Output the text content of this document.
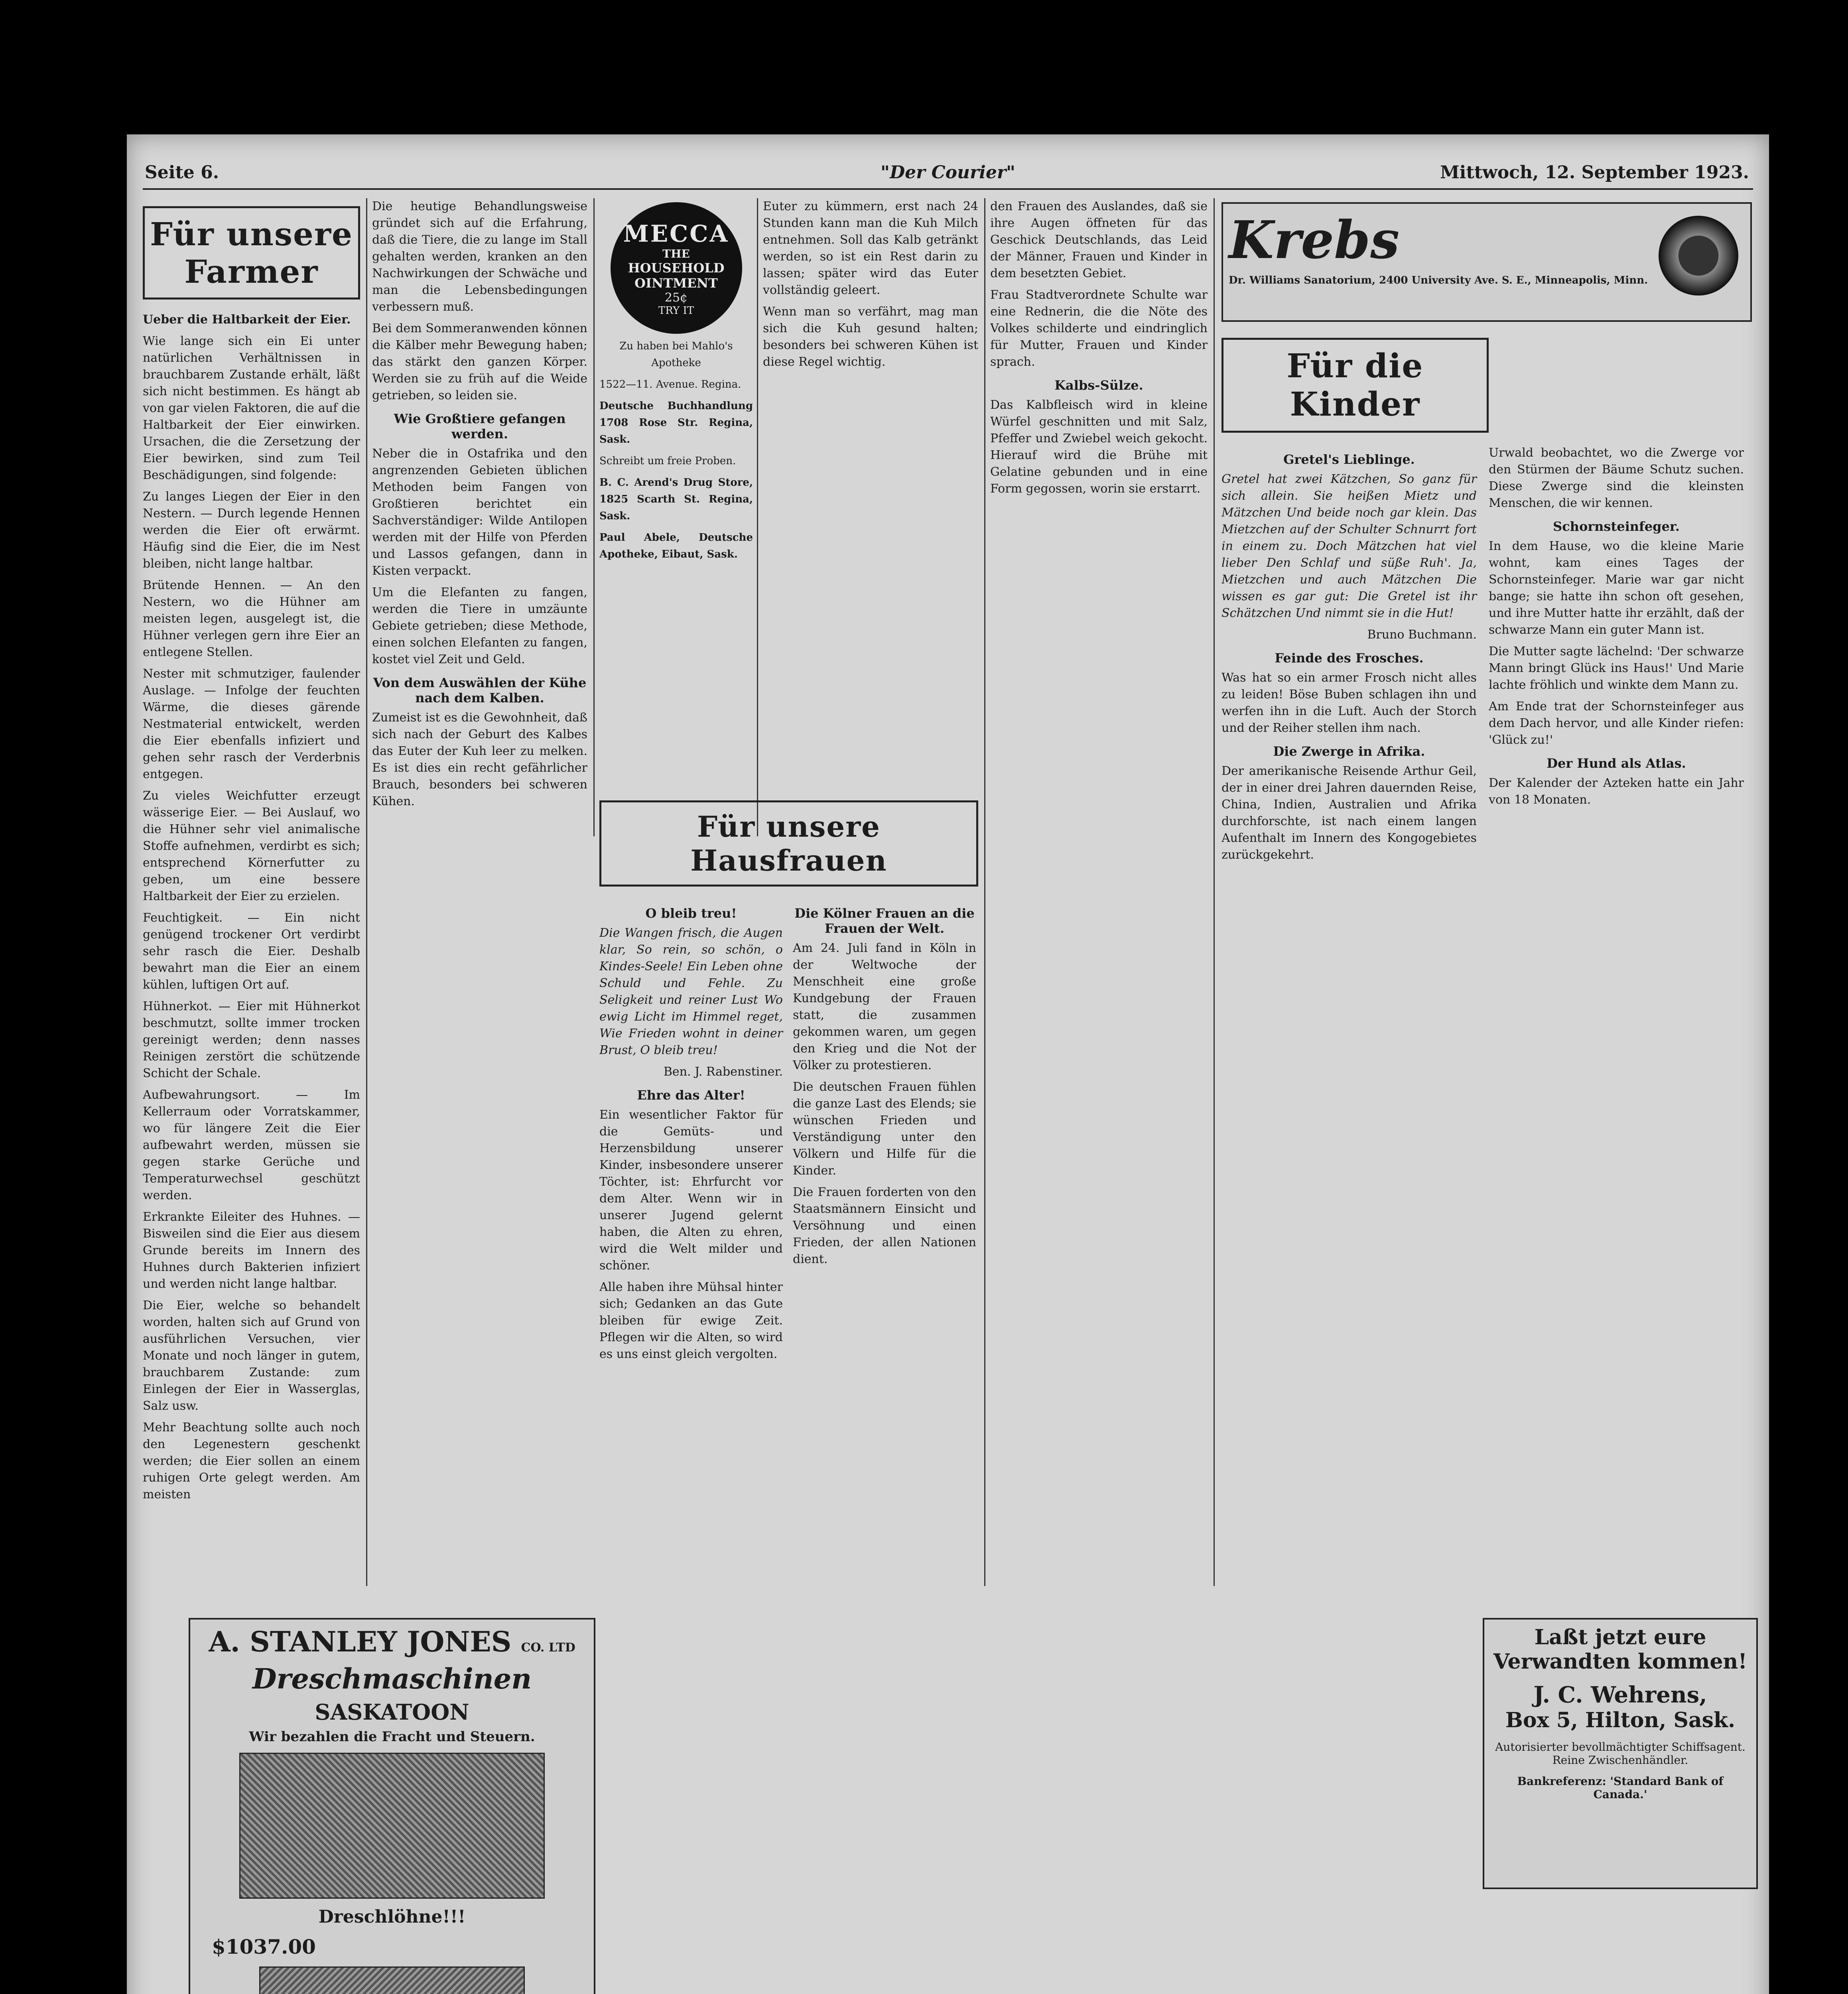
Seite 6.	"Der Courier"	Mittwoch, 12. September 1923.
Für unsere Farmer

Ueber die Haltbarkeit der Eier.

Wie lange sich ein Ei unter natürlichen Verhältnissen in brauchbarem Zustande erhält, läßt sich nicht bestimmen. Es hängt ab von gar vielen Faktoren, die auf die Haltbarkeit der Eier einwirken. Ursachen, die die Zersetzung der Eier bewirken, sind zum Teil Beschädigungen, sind folgende:

Zu langes Liegen der Eier in den Nestern. — Durch legende Hennen werden die Eier oft erwärmt. Häufig sind die Eier, die im Nest bleiben, nicht lange haltbar.

Brütende Hennen. — An den Nestern, wo die Hühner am meisten legen, ausgelegt ist, die Hühner verlegen gern ihre Eier an entlegene Stellen.

Nester mit schmutziger, faulender Auslage. — Infolge der feuchten Wärme, die dieses gärende Nestmaterial entwickelt, werden die Eier ebenfalls infiziert und gehen sehr rasch der Verderbnis entgegen.

Zu vieles Weichfutter erzeugt wässerige Eier. — Bei Auslauf, wo die Hühner sehr viel animalische Stoffe aufnehmen, verdirbt es sich; entsprechend Körnerfutter zu geben, um eine bessere Haltbarkeit der Eier zu erzielen.

Feuchtigkeit. — Ein nicht genügend trockener Ort verdirbt sehr rasch die Eier. Deshalb bewahrt man die Eier an einem kühlen, luftigen Ort auf.

Hühnerkot. — Eier mit Hühnerkot beschmutzt, sollte immer trocken gereinigt werden; denn nasses Reinigen zerstört die schützende Schicht der Schale.

Aufbewahrungsort. — Im Kellerraum oder Vorratskammer, wo für längere Zeit die Eier aufbewahrt werden, müssen sie gegen starke Gerüche und Temperaturwechsel geschützt werden.

Erkrankte Eileiter des Huhnes. — Bisweilen sind die Eier aus diesem Grunde bereits im Innern des Huhnes durch Bakterien infiziert und werden nicht lange haltbar.

Die Eier, welche so behandelt worden, halten sich auf Grund von ausführlichen Versuchen, vier Monate und noch länger in gutem, brauchbarem Zustande: zum Einlegen der Eier in Wasserglas, Salz usw.

Mehr Beachtung sollte auch noch den Legenestern geschenkt werden; die Eier sollen an einem ruhigen Orte gelegt werden. Am meisten

Die heutige Behandlungsweise gründet sich auf die Erfahrung, daß die Tiere, die zu lange im Stall gehalten werden, kranken an den Nachwirkungen der Schwäche und man die Lebensbedingungen verbessern muß.

Bei dem Sommeranwenden können die Kälber mehr Bewegung haben; das stärkt den ganzen Körper. Werden sie zu früh auf die Weide getrieben, so leiden sie.

Wie Großtiere gefangen werden.

Neber die in Ostafrika und den angrenzenden Gebieten üblichen Methoden beim Fangen von Großtieren berichtet ein Sachverständiger: Wilde Antilopen werden mit der Hilfe von Pferden und Lassos gefangen, dann in Kisten verpackt.

Um die Elefanten zu fangen, werden die Tiere in umzäunte Gebiete getrieben; diese Methode, einen solchen Elefanten zu fangen, kostet viel Zeit und Geld.

Von dem Auswählen der Kühe nach dem Kalben.

Zumeist ist es die Gewohnheit, daß sich nach der Geburt des Kalbes das Euter der Kuh leer zu melken. Es ist dies ein recht gefährlicher Brauch, besonders bei schweren Kühen.

MECCA
THE
HOUSEHOLD
OINTMENT
25¢
TRY IT

Zu haben bei Mahlo's Apotheke

1522—11. Avenue. Regina.

Deutsche Buchhandlung 1708 Rose Str. Regina, Sask.

Schreibt um freie Proben.

B. C. Arend's Drug Store, 1825 Scarth St. Regina, Sask.

Paul Abele, Deutsche Apotheke, Eibaut, Sask.

Euter zu kümmern, erst nach 24 Stunden kann man die Kuh Milch entnehmen. Soll das Kalb getränkt werden, so ist ein Rest darin zu lassen; später wird das Euter vollständig geleert.

Wenn man so verfährt, mag man sich die Kuh gesund halten; besonders bei schweren Kühen ist diese Regel wichtig.

Für unsere Hausfrauen
O bleib treu!

Die Wangen frisch, die Augen klar, So rein, so schön, o Kindes-Seele! Ein Leben ohne Schuld und Fehle. Zu Seligkeit und reiner Lust Wo ewig Licht im Himmel reget, Wie Frieden wohnt in deiner Brust, O bleib treu!

Ben. J. Rabenstiner.

Ehre das Alter!

Ein wesentlicher Faktor für die Gemüts- und Herzensbildung unserer Kinder, insbesondere unserer Töchter, ist: Ehrfurcht vor dem Alter. Wenn wir in unserer Jugend gelernt haben, die Alten zu ehren, wird die Welt milder und schöner.

Alle haben ihre Mühsal hinter sich; Gedanken an das Gute bleiben für ewige Zeit. Pflegen wir die Alten, so wird es uns einst gleich vergolten.

Die Kölner Frauen an die Frauen der Welt.

Am 24. Juli fand in Köln in der Weltwoche der Menschheit eine große Kundgebung der Frauen statt, die zusammen gekommen waren, um gegen den Krieg und die Not der Völker zu protestieren.

Die deutschen Frauen fühlen die ganze Last des Elends; sie wünschen Frieden und Verständigung unter den Völkern und Hilfe für die Kinder.

Die Frauen forderten von den Staatsmännern Einsicht und Versöhnung und einen Frieden, der allen Nationen dient.

den Frauen des Auslandes, daß sie ihre Augen öffneten für das Geschick Deutschlands, das Leid der Männer, Frauen und Kinder in dem besetzten Gebiet.

Frau Stadtverordnete Schulte war eine Rednerin, die die Nöte des Volkes schilderte und eindringlich für Mutter, Frauen und Kinder sprach.

Kalbs-Sülze.

Das Kalbfleisch wird in kleine Würfel geschnitten und mit Salz, Pfeffer und Zwiebel weich gekocht. Hierauf wird die Brühe mit Gelatine gebunden und in eine Form gegossen, worin sie erstarrt.

Krebs
Dr. Williams Sanatorium, 2400 University Ave. S. E., Minneapolis, Minn.
Für die Kinder
Gretel's Lieblinge.

Gretel hat zwei Kätzchen, So ganz für sich allein. Sie heißen Mietz und Mätzchen Und beide noch gar klein. Das Mietzchen auf der Schulter Schnurrt fort in einem zu. Doch Mätzchen hat viel lieber Den Schlaf und süße Ruh'. Ja, Mietzchen und auch Mätzchen Die wissen es gar gut: Die Gretel ist ihr Schätzchen Und nimmt sie in die Hut!

Bruno Buchmann.

Feinde des Frosches.

Was hat so ein armer Frosch nicht alles zu leiden! Böse Buben schlagen ihn und werfen ihn in die Luft. Auch der Storch und der Reiher stellen ihm nach.

Die Zwerge in Afrika.

Der amerikanische Reisende Arthur Geil, der in einer drei Jahren dauernden Reise, China, Indien, Australien und Afrika durchforschte, ist nach einem langen Aufenthalt im Innern des Kongogebietes zurückgekehrt.

Urwald beobachtet, wo die Zwerge vor den Stürmen der Bäume Schutz suchen. Diese Zwerge sind die kleinsten Menschen, die wir kennen.

Schornsteinfeger.

In dem Hause, wo die kleine Marie wohnt, kam eines Tages der Schornsteinfeger. Marie war gar nicht bange; sie hatte ihn schon oft gesehen, und ihre Mutter hatte ihr erzählt, daß der schwarze Mann ein guter Mann ist.

Die Mutter sagte lächelnd: 'Der schwarze Mann bringt Glück ins Haus!' Und Marie lachte fröhlich und winkte dem Mann zu.

Am Ende trat der Schornsteinfeger aus dem Dach hervor, und alle Kinder riefen: 'Glück zu!'

Der Hund als Atlas.

Der Kalender der Azteken hatte ein Jahr von 18 Monaten.

Laßt jetzt eure
Verwandten kommen!
J. C. Wehrens,
Box 5, Hilton, Sask.
Autorisierter bevollmächtigter Schiffsagent. Reine Zwischenhändler.
Bankreferenz: 'Standard Bank of Canada.'
A. STANLEY JONES CO. LTD
Dreschmaschinen
SASKATOON
Wir bezahlen die Fracht und Steuern.
Dreschlöhne!!!
$1037.00
